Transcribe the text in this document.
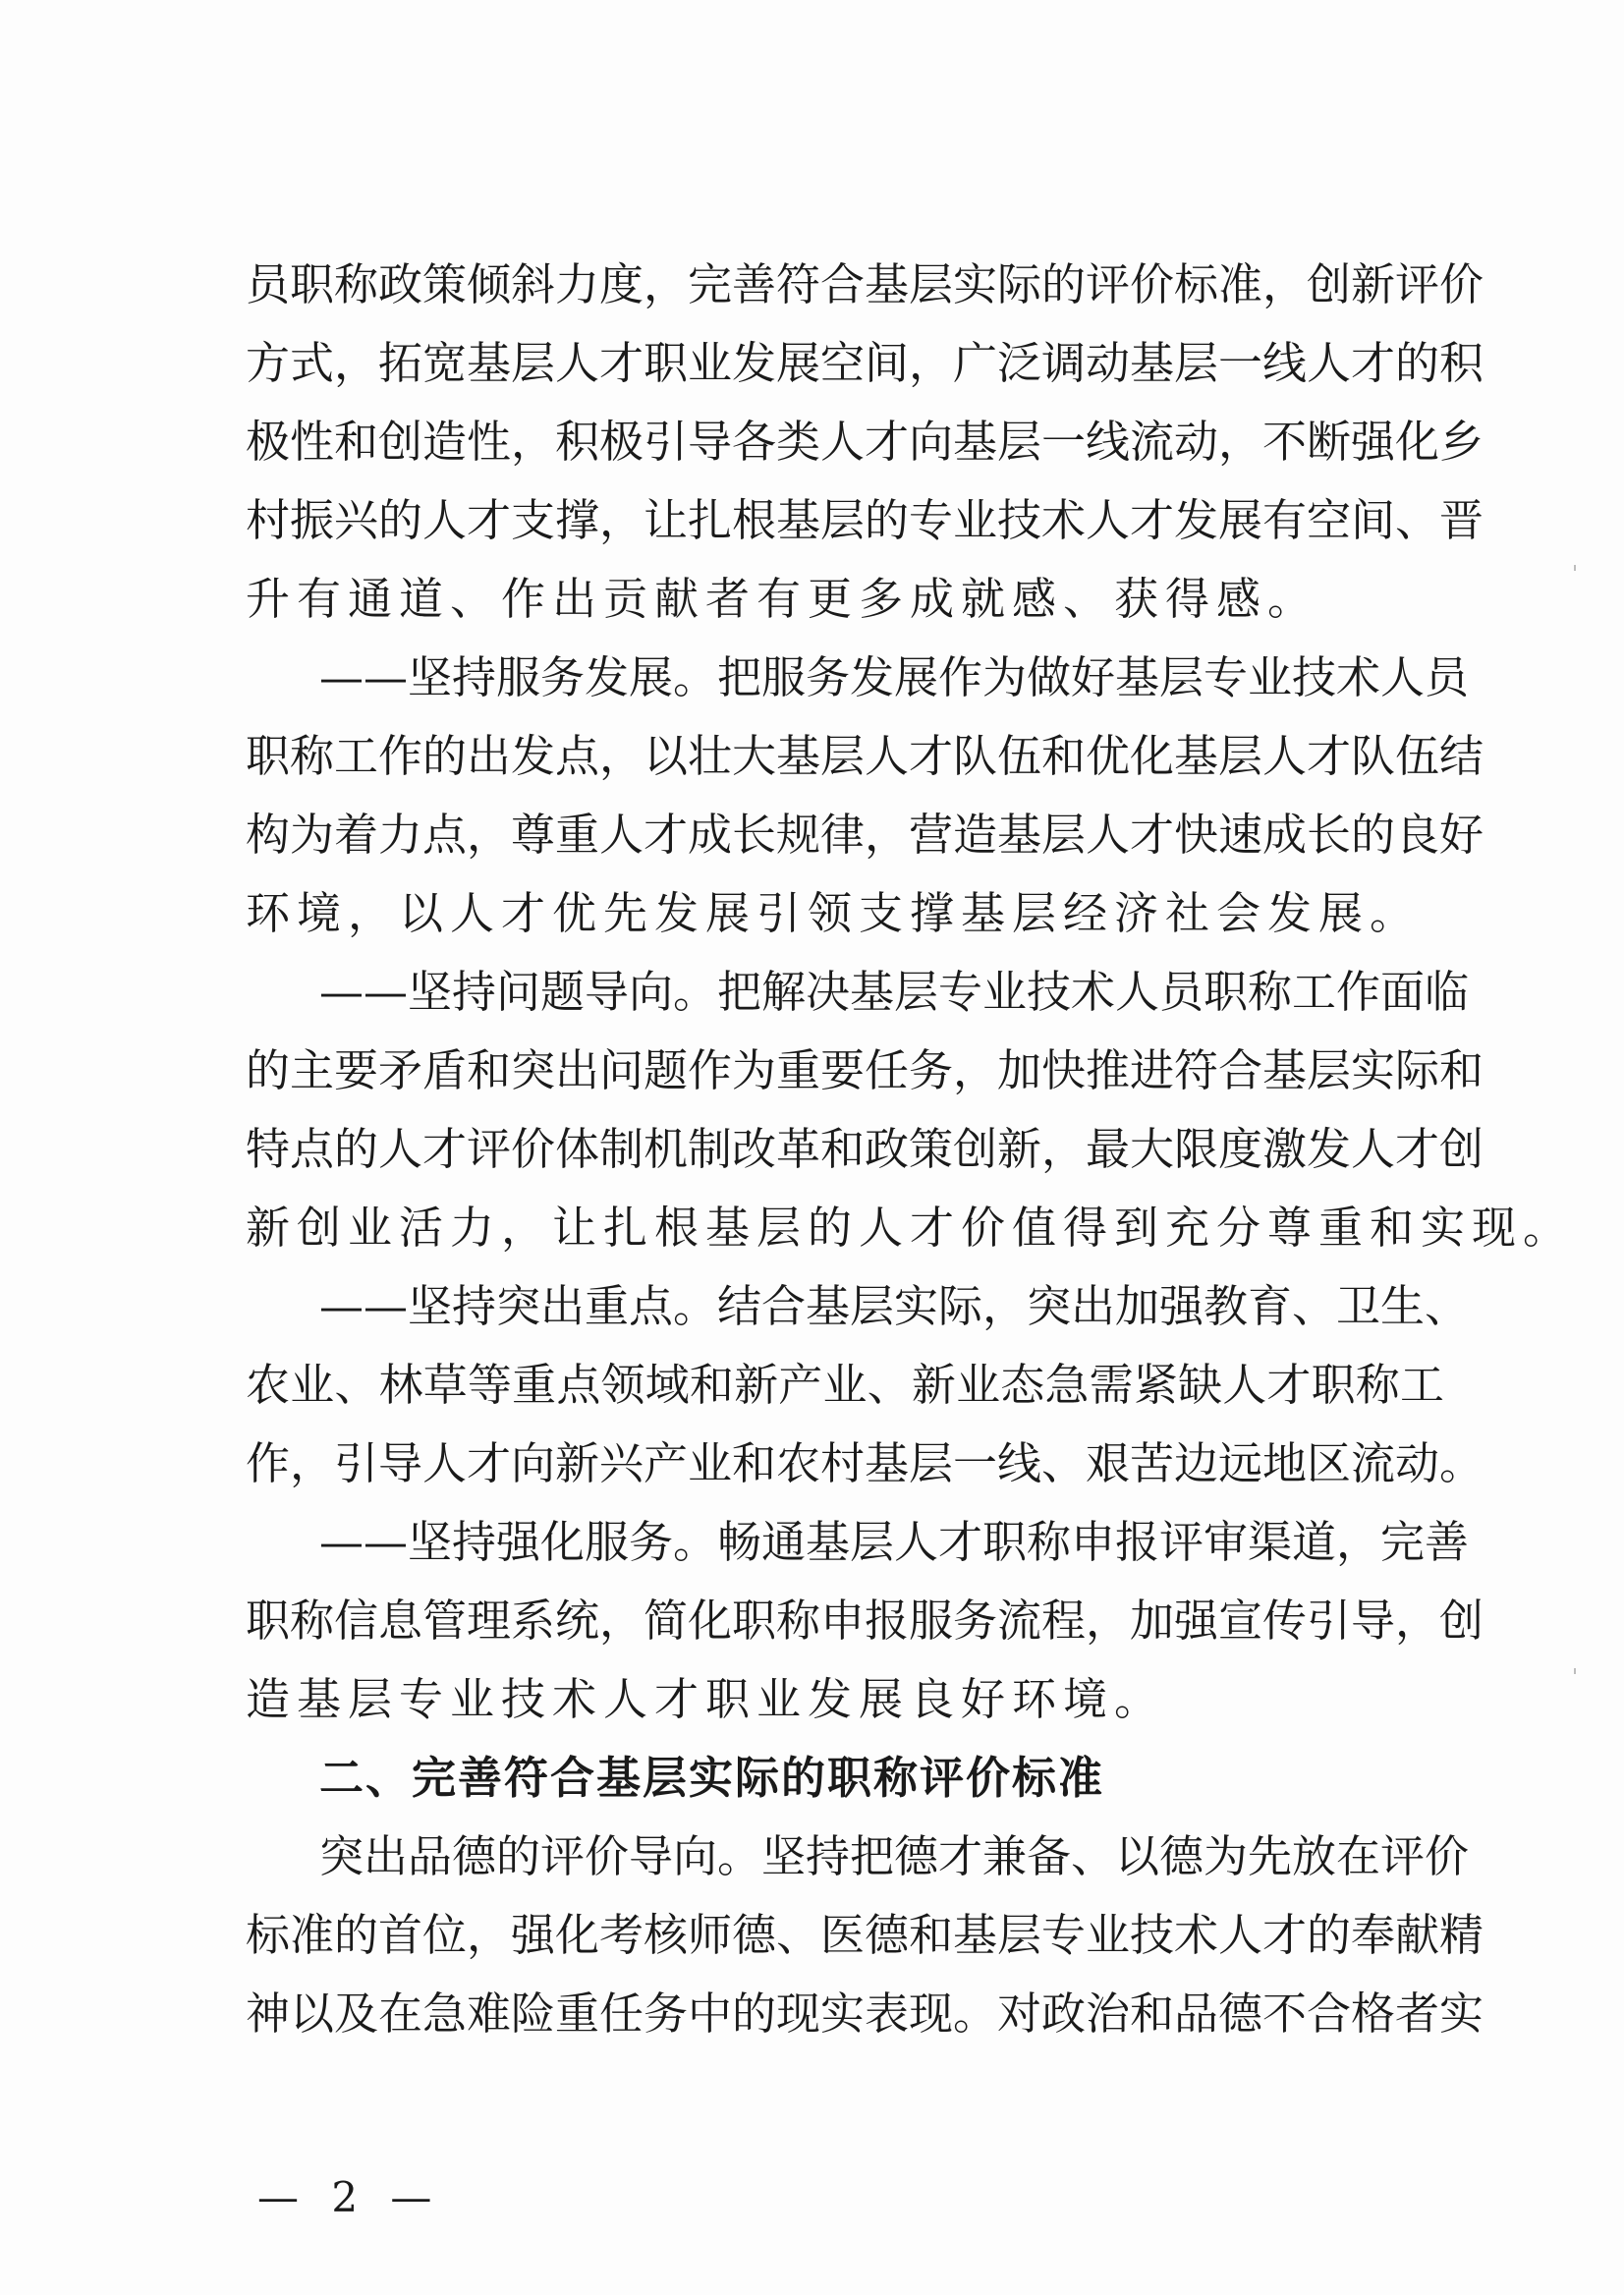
员职称政策倾斜力度，完善符合基层实际的评价标准，创新评价
方式，拓宽基层人才职业发展空间，广泛调动基层一线人才的积
极性和创造性，积极引导各类人才向基层一线流动，不断强化乡
村振兴的人才支撑，让扎根基层的专业技术人才发展有空间、晋
升有通道、作出贡献者有更多成就感、获得感。
——坚持服务发展。把服务发展作为做好基层专业技术人员
职称工作的出发点，以壮大基层人才队伍和优化基层人才队伍结
构为着力点，尊重人才成长规律，营造基层人才快速成长的良好
环境，以人才优先发展引领支撑基层经济社会发展。
——坚持问题导向。把解决基层专业技术人员职称工作面临
的主要矛盾和突出问题作为重要任务，加快推进符合基层实际和
特点的人才评价体制机制改革和政策创新，最大限度激发人才创
新创业活力，让扎根基层的人才价值得到充分尊重和实现。
——坚持突出重点。结合基层实际，突出加强教育、卫生、
农业、林草等重点领域和新产业、新业态急需紧缺人才职称工
作，引导人才向新兴产业和农村基层一线、艰苦边远地区流动。
——坚持强化服务。畅通基层人才职称申报评审渠道，完善
职称信息管理系统，简化职称申报服务流程，加强宣传引导，创
造基层专业技术人才职业发展良好环境。
二、完善符合基层实际的职称评价标准
突出品德的评价导向。坚持把德才兼备、以德为先放在评价
标准的首位，强化考核师德、医德和基层专业技术人才的奉献精
神以及在急难险重任务中的现实表现。对政治和品德不合格者实
— 2 —
